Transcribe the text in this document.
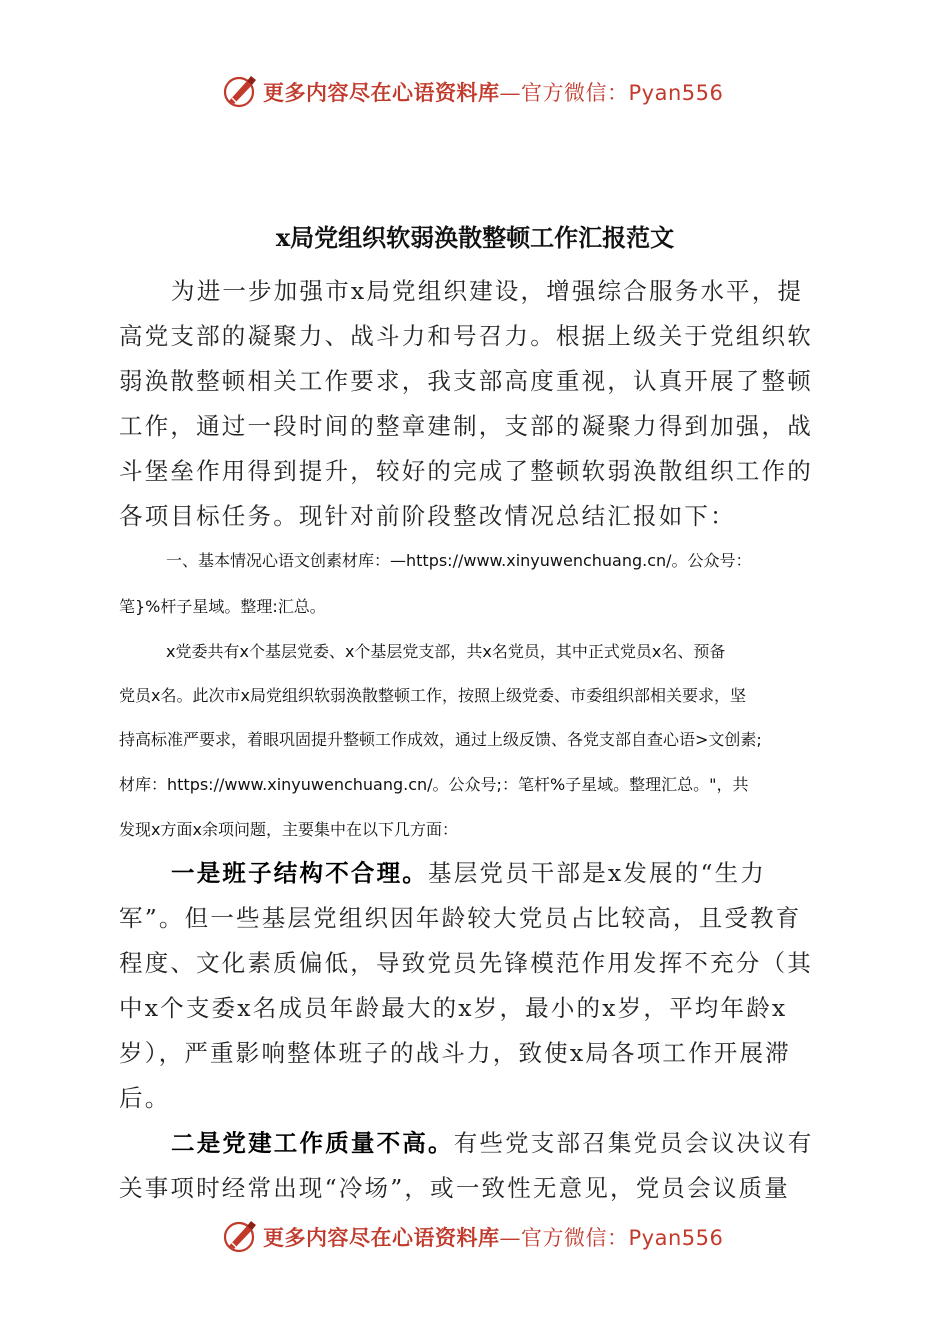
更多内容尽在心语资料库—官方微信：Pyan556
x局党组织软弱涣散整顿工作汇报范文
为进一步加强市x局党组织建设，增强综合服务水平，提
高党支部的凝聚力、战斗力和号召力。根据上级关于党组织软
弱涣散整顿相关工作要求，我支部高度重视，认真开展了整顿
工作，通过一段时间的整章建制，支部的凝聚力得到加强，战
斗堡垒作用得到提升，较好的完成了整顿软弱涣散组织工作的
各项目标任务。现针对前阶段整改情况总结汇报如下：
一、基本情况心语文创素材库：—https://www.xinyuwenchuang.cn/。公众号：
笔}%杆子星域。整理:汇总。
x党委共有x个基层党委、x个基层党支部，共x名党员，其中正式党员x名、预备
党员x名。此次市x局党组织软弱涣散整顿工作，按照上级党委、市委组织部相关要求，坚
持高标准严要求，着眼巩固提升整顿工作成效，通过上级反馈、各党支部自查心语>文创素;
材库：https://www.xinyuwenchuang.cn/。公众号;：笔杆%子星域。整理汇总。"，共
发现x方面x余项问题，主要集中在以下几方面：
一是班子结构不合理。基层党员干部是x发展的“生力
军”。但一些基层党组织因年龄较大党员占比较高，且受教育
程度、文化素质偏低，导致党员先锋模范作用发挥不充分（其
中x个支委x名成员年龄最大的x岁，最小的x岁，平均年龄x
岁），严重影响整体班子的战斗力，致使x局各项工作开展滞
后。
二是党建工作质量不高。有些党支部召集党员会议决议有
关事项时经常出现“冷场”，或一致性无意见，党员会议质量
更多内容尽在心语资料库—官方微信：Pyan556
